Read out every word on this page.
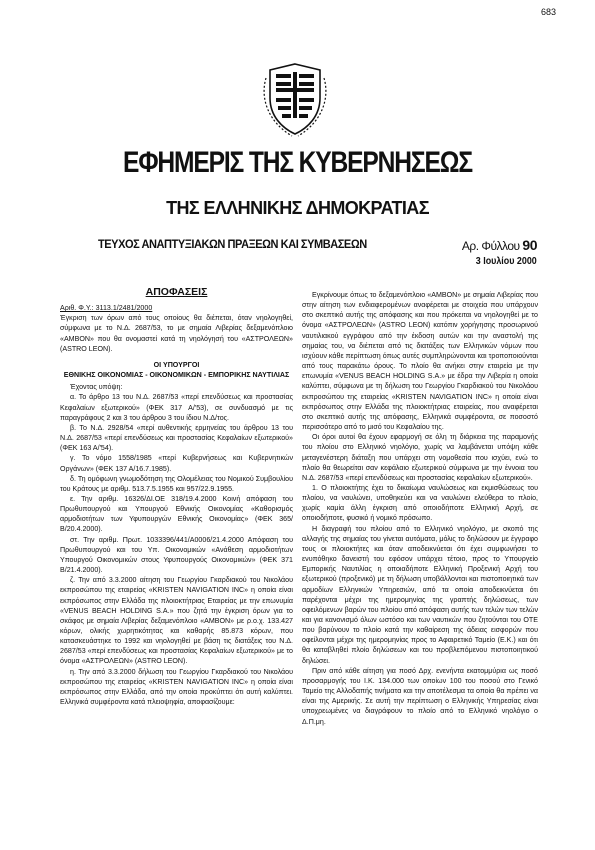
683
ΕΦΗΜΕΡΙΣ ΤΗΣ ΚΥΒΕΡΝΗΣΕΩΣ
ΤΗΣ ΕΛΛΗΝΙΚΗΣ ΔΗΜΟΚΡΑΤΙΑΣ
ΤΕΥΧΟΣ ΑΝΑΠΤΥΞΙΑΚΩΝ ΠΡΑΞΕΩΝ ΚΑΙ ΣΥΜΒΑΣΕΩΝ	Αρ. Φύλλου 90
3 Ιουλίου 2000

ΑΠΟΦΑΣΕΙΣ

Αριθ. Φ.Υ.: 3113.1/2481/2000

Έγκριση των όρων από τους οποίους θα διέπεται, όταν νηολογηθεί, σύμφωνα με το Ν.Δ. 2687/53, το με σημαία Λιβερίας δεξαμενόπλοιο «ΑΜΒΟΝ» που θα ονομαστεί κατά τη νηολόγησή του «ΑΣΤΡΟΛΕΩΝ» (ASTRO LEON).

ΟΙ ΥΠΟΥΡΓΟΙ
ΕΘΝΙΚΗΣ ΟΙΚΟΝΟΜΙΑΣ - ΟΙΚΟΝΟΜΙΚΩΝ - ΕΜΠΟΡΙΚΗΣ ΝΑΥΤΙΛΙΑΣ

Έχοντας υπόψη:

α. Το άρθρο 13 του Ν.Δ. 2687/53 «περί επενδύσεως και προστασίας Κεφαλαίων εξωτερικού» (ΦΕΚ 317 Α/'53), σε συνδυασμό με τις παραγράφους 2 και 3 του άρθρου 3 του ίδιου Ν.Δ/τος.

β. Το Ν.Δ. 2928/54 «περί αυθεντικής ερμηνείας του άρθρου 13 του Ν.Δ. 2687/53 «περί επενδύσεως και προστασίας Κεφαλαίων εξωτερικού» (ΦΕΚ 163 Α/'54).

γ. Το νόμο 1558/1985 «περί Κυβερνήσεως και Κυβερνητικών Οργάνων» (ΦΕΚ 137 Α/16.7.1985).

δ. Τη ομόφωνη γνωμοδότηση της Ολομέλειας του Νομικού Συμβουλίου του Κράτους με αριθμ. 513.7.5.1955 και 957/22.9.1955.

ε. Την αριθμ. 16326/ΔΙ.ΟΕ 318/19.4.2000 Κοινή απόφαση του Πρωθυπουργού και Υπουργού Εθνικής Οικονομίας «Καθορισμός αρμοδιοτήτων των Υφυπουργών Εθνικής Οικονομίας» (ΦΕΚ 365/Β/20.4.2000).

στ. Την αριθμ. Πρωτ. 1033396/441/Α0006/21.4.2000 Απόφαση του Πρωθυπουργού και του Υπ. Οικονομικών «Ανάθεση αρμοδιοτήτων Υπουργού Οικονομικών στους Υφυπουργούς Οικονομικών» (ΦΕΚ 371 Β/21.4.2000).

ζ. Την από 3.3.2000 αίτηση του Γεωργίου Γκαρδιακού του Νικολάου εκπροσώπου της εταιρείας «KRISTEN NAVIGATION INC» η οποία είναι εκπρόσωπος στην Ελλάδα της πλοιοκτήτριας Εταιρείας με την επωνυμία «VENUS BEACH HOLDING S.A.» που ζητά την έγκριση όρων για το σκάφος με σημαία Λιβερίας δεξαμενόπλοιο «ΑΜΒΟΝ» με ρ.ο.χ. 133.427 κόρων, ολικής χωρητικότητας και καθαρής 85.873 κόρων, που κατασκευάστηκε το 1992 και νηολογηθεί με βάση τις διατάξεις του Ν.Δ. 2687/53 «περί επενδύσεως και προστασίας Κεφαλαίων εξωτερικού» με το όνομα «ΑΣΤΡΟΛΕΩΝ» (ASTRO LEON).

η. Την από 3.3.2000 δήλωση του Γεωργίου Γκαρδιακού του Νικολάου εκπροσώπου της εταιρείας «KRISTEN NAVIGATION INC» η οποία είναι εκπρόσωπος στην Ελλάδα, από την οποία προκύπτει ότι αυτή καλύπτει. Ελληνικά συμφέροντα κατά πλειοψηφία, αποφασίζουμε:

Εγκρίνουμε όπως το δεξαμενόπλοιο «ΑΜΒΟΝ» με σημαία Λιβερίας που στην αίτηση των ενδιαφερομένων αναφέρεται με στοιχεία που υπάρχουν στο σκεπτικό αυτής της απόφασης και που πρόκειται να νηολογηθεί με το όνομα «ΑΣΤΡΟΛΕΩΝ» (ASTRO LEON) κατόπιν χορήγησης προσωρινού ναυτιλιακού εγγράφου από την έκδοση αυτών και την αναστολή της σημαίας του, να διέπεται από τις διατάξεις των Ελληνικών νόμων που ισχύουν κάθε περίπτωση όπως αυτές συμπληρώνονται και τροποποιούνται από τους παρακάτω όρους. Το πλοίο θα ανήκει στην εταιρεία με την επωνυμία «VENUS BEACH HOLDING S.A.» με έδρα την Λιβερία η οποία καλύπτει, σύμφωνα με τη δήλωση του Γεωργίου Γκαρδιακού του Νικολάου εκπροσώπου της εταιρείας «KRISTEN NAVIGATION INC» η οποία είναι εκπρόσωπος στην Ελλάδα της πλοιοκτήτριας εταιρείας, που αναφέρεται στο σκεπτικό αυτής της απόφασης, Ελληνικά συμφέροντα, σε ποσοστό περισσότερο από το μισό του Κεφαλαίου της.

Οι όροι αυτοί θα έχουν εφαρμογή σε όλη τη διάρκεια της παραμονής του πλοίου στο Ελληνικό νηολόγιο, χωρίς να λαμβάνεται υπόψη κάθε μεταγενέστερη διάταξη που υπάρχει στη νομοθεσία που ισχύει, ενώ το πλοίο θα θεωρείται σαν κεφάλαιο εξωτερικού σύμφωνα με την έννοια του Ν.Δ. 2687/53 «περί επενδύσεως και προστασίας κεφαλαίων εξωτερικού».

1. Ο πλοιοκτήτης έχει το δικαίωμα ναυλώσεως και εκμισθώσεως του πλοίου, να ναυλώνει, υποθηκεύει και να ναυλώνει ελεύθερα το πλοίο, χωρίς καμία άλλη έγκριση από οποιοδήποτε Ελληνική Αρχή, σε οποιοδήποτε, φυσικό ή νομικό πρόσωπο.

Η διαγραφή του πλοίου από το Ελληνικό νηολόγιο, με σκοπό της αλλαγής της σημαίας του γίνεται αυτόματα, μόλις το δηλώσουν με έγγραφο τους οι πλοιοκτήτες και όταν αποδεικνύεται ότι έχει συμφωνήσει το ενυπόθηκο δανειστή του εφόσον υπάρχει τέτοιο, προς το Υπουργείο Εμπορικής Ναυτιλίας η οποιαδήποτε Ελληνική Προξενική Αρχή του εξωτερικού (προξενικό) με τη δήλωση υποβάλλονται και πιστοποιητικά των αρμοδίων Ελληνικών Υπηρεσιών, από τα οποία αποδεικνύεται ότι παρέχονται μέχρι της ημερομηνίας της γραπτής δηλώσεως, των οφειλόμενων βαρών του πλοίου από απόφαση αυτής των τελών των τελών και για κανονισμό όλων ωστόσο και των ναυτικών που ζητούνται του ΟΤΕ που βαρύνουν το πλοίο κατά την καθαίρεση της άδειας εισφορών που οφείλονται μέχρι της ημερομηνίας προς το Αφαιρετικό Ταμείο (Ε.Κ.) και ότι θα καταβληθεί πλοίο δηλώσεων και του προβλεπόμενου πιστοποιητικού δηλώσει.

Πριν από κάθε αίτηση για ποσό Δρχ. ενενήντα εκατομμύρια ως ποσό προσαρμογής του Ι.Κ. 134.000 των οποίων 100 του ποσού στο Γενικό Ταμείο της Αλλοδαπής τινήματα και την αποτέλεσμα τα οποία θα πρέπει να είναι της Αμερικής. Σε αυτή την περίπτωση ο Ελληνικής Υπηρεσίας είναι υποχρεωμένες να διαγράφουν το πλοίο από το Ελληνικό νηολόγιο ο Δ.Π.μη.
